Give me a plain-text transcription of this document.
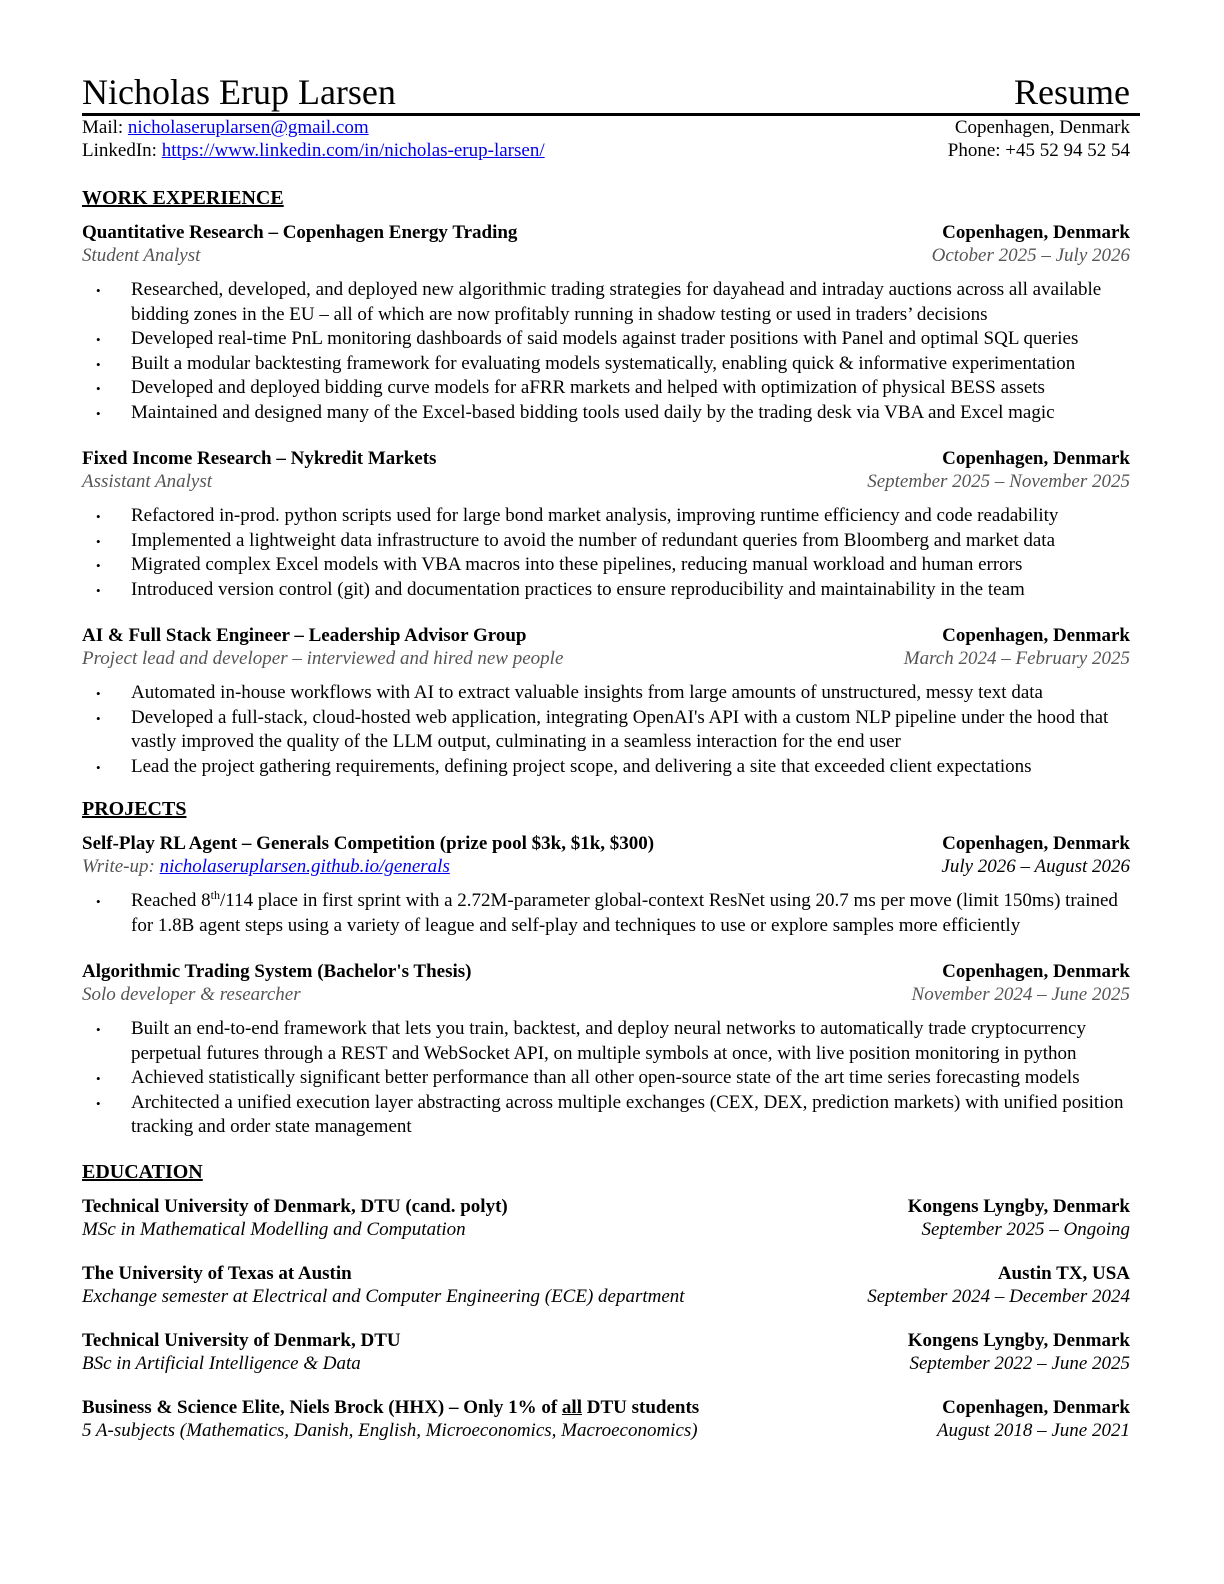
Nicholas Erup Larsen	Resume
Mail: nicholaseruplarsen@gmail.com	Copenhagen, Denmark
LinkedIn: https://www.linkedin.com/in/nicholas-erup-larsen/	Phone: +45 52 94 52 54
WORK EXPERIENCE
Quantitative Research – Copenhagen Energy Trading	Copenhagen, Denmark
Student Analyst	October 2025 – July 2026
• Researched, developed, and deployed new algorithmic trading strategies for dayahead and intraday auctions across all available bidding zones in the EU – all of which are now profitably running in shadow testing or used in traders’ decisions
• Developed real-time PnL monitoring dashboards of said models against trader positions with Panel and optimal SQL queries
• Built a modular backtesting framework for evaluating models systematically, enabling quick & informative experimentation
• Developed and deployed bidding curve models for aFRR markets and helped with optimization of physical BESS assets
• Maintained and designed many of the Excel-based bidding tools used daily by the trading desk via VBA and Excel magic
Fixed Income Research – Nykredit Markets	Copenhagen, Denmark
Assistant Analyst	September 2025 – November 2025
• Refactored in-prod. python scripts used for large bond market analysis, improving runtime efficiency and code readability
• Implemented a lightweight data infrastructure to avoid the number of redundant queries from Bloomberg and market data
• Migrated complex Excel models with VBA macros into these pipelines, reducing manual workload and human errors
• Introduced version control (git) and documentation practices to ensure reproducibility and maintainability in the team
AI & Full Stack Engineer – Leadership Advisor Group	Copenhagen, Denmark
Project lead and developer – interviewed and hired new people	March 2024 – February 2025
• Automated in-house workflows with AI to extract valuable insights from large amounts of unstructured, messy text data
• Developed a full-stack, cloud-hosted web application, integrating OpenAI's API with a custom NLP pipeline under the hood that vastly improved the quality of the LLM output, culminating in a seamless interaction for the end user
• Lead the project gathering requirements, defining project scope, and delivering a site that exceeded client expectations
PROJECTS
Self-Play RL Agent – Generals Competition (prize pool $3k, $1k, $300)	Copenhagen, Denmark
Write-up: nicholaseruplarsen.github.io/generals	July 2026 – August 2026
• Reached 8th/114 place in first sprint with a 2.72M-parameter global-context ResNet using 20.7 ms per move (limit 150ms) trained for 1.8B agent steps using a variety of league and self-play and techniques to use or explore samples more efficiently
Algorithmic Trading System (Bachelor's Thesis)	Copenhagen, Denmark
Solo developer & researcher	November 2024 – June 2025
• Built an end-to-end framework that lets you train, backtest, and deploy neural networks to automatically trade cryptocurrency perpetual futures through a REST and WebSocket API, on multiple symbols at once, with live position monitoring in python
• Achieved statistically significant better performance than all other open-source state of the art time series forecasting models
• Architected a unified execution layer abstracting across multiple exchanges (CEX, DEX, prediction markets) with unified position tracking and order state management
EDUCATION
Technical University of Denmark, DTU (cand. polyt)	Kongens Lyngby, Denmark
MSc in Mathematical Modelling and Computation	September 2025 – Ongoing
The University of Texas at Austin	Austin TX, USA
Exchange semester at Electrical and Computer Engineering (ECE) department	September 2024 – December 2024
Technical University of Denmark, DTU	Kongens Lyngby, Denmark
BSc in Artificial Intelligence & Data	September 2022 – June 2025
Business & Science Elite, Niels Brock (HHX) – Only 1% of all DTU students	Copenhagen, Denmark
5 A-subjects (Mathematics, Danish, English, Microeconomics, Macroeconomics)	August 2018 – June 2021
